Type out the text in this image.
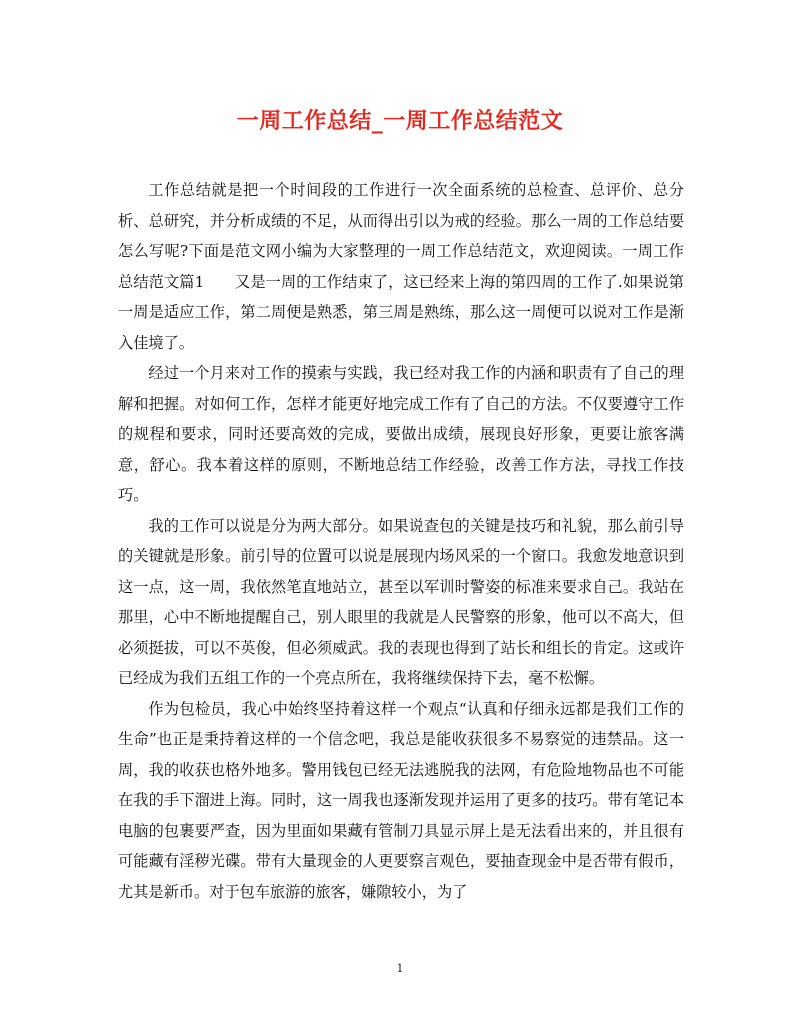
一周工作总结_一周工作总结范文

工作总结就是把一个时间段的工作进行一次全面系统的总检查、总评价、总分析、总研究，并分析成绩的不足，从而得出引以为戒的经验。那么一周的工作总结要怎么写呢?下面是范文网小编为大家整理的一周工作总结范文，欢迎阅读。一周工作总结范文篇1　　又是一周的工作结束了，这已经来上海的第四周的工作了.如果说第一周是适应工作，第二周便是熟悉，第三周是熟练，那么这一周便可以说对工作是渐入佳境了。

经过一个月来对工作的摸索与实践，我已经对我工作的内涵和职责有了自己的理解和把握。对如何工作，怎样才能更好地完成工作有了自己的方法。不仅要遵守工作的规程和要求，同时还要高效的完成，要做出成绩，展现良好形象，更要让旅客满意，舒心。我本着这样的原则，不断地总结工作经验，改善工作方法，寻找工作技巧。

我的工作可以说是分为两大部分。如果说查包的关键是技巧和礼貌，那么前引导的关键就是形象。前引导的位置可以说是展现内场风采的一个窗口。我愈发地意识到这一点，这一周，我依然笔直地站立，甚至以军训时警姿的标准来要求自己。我站在那里，心中不断地提醒自己，别人眼里的我就是人民警察的形象，他可以不高大，但必须挺拔，可以不英俊，但必须威武。我的表现也得到了站长和组长的肯定。这或许已经成为我们五组工作的一个亮点所在，我将继续保持下去，毫不松懈。

作为包检员，我心中始终坚持着这样一个观点“认真和仔细永远都是我们工作的生命”也正是秉持着这样的一个信念吧，我总是能收获很多不易察觉的违禁品。这一周，我的收获也格外地多。警用钱包已经无法逃脱我的法网，有危险地物品也不可能在我的手下溜进上海。同时，这一周我也逐渐发现并运用了更多的技巧。带有笔记本电脑的包裹要严查，因为里面如果藏有管制刀具显示屏上是无法看出来的，并且很有可能藏有淫秽光碟。带有大量现金的人更要察言观色，要抽查现金中是否带有假币，尤其是新币。对于包车旅游的旅客，嫌隙较小，为了

1
